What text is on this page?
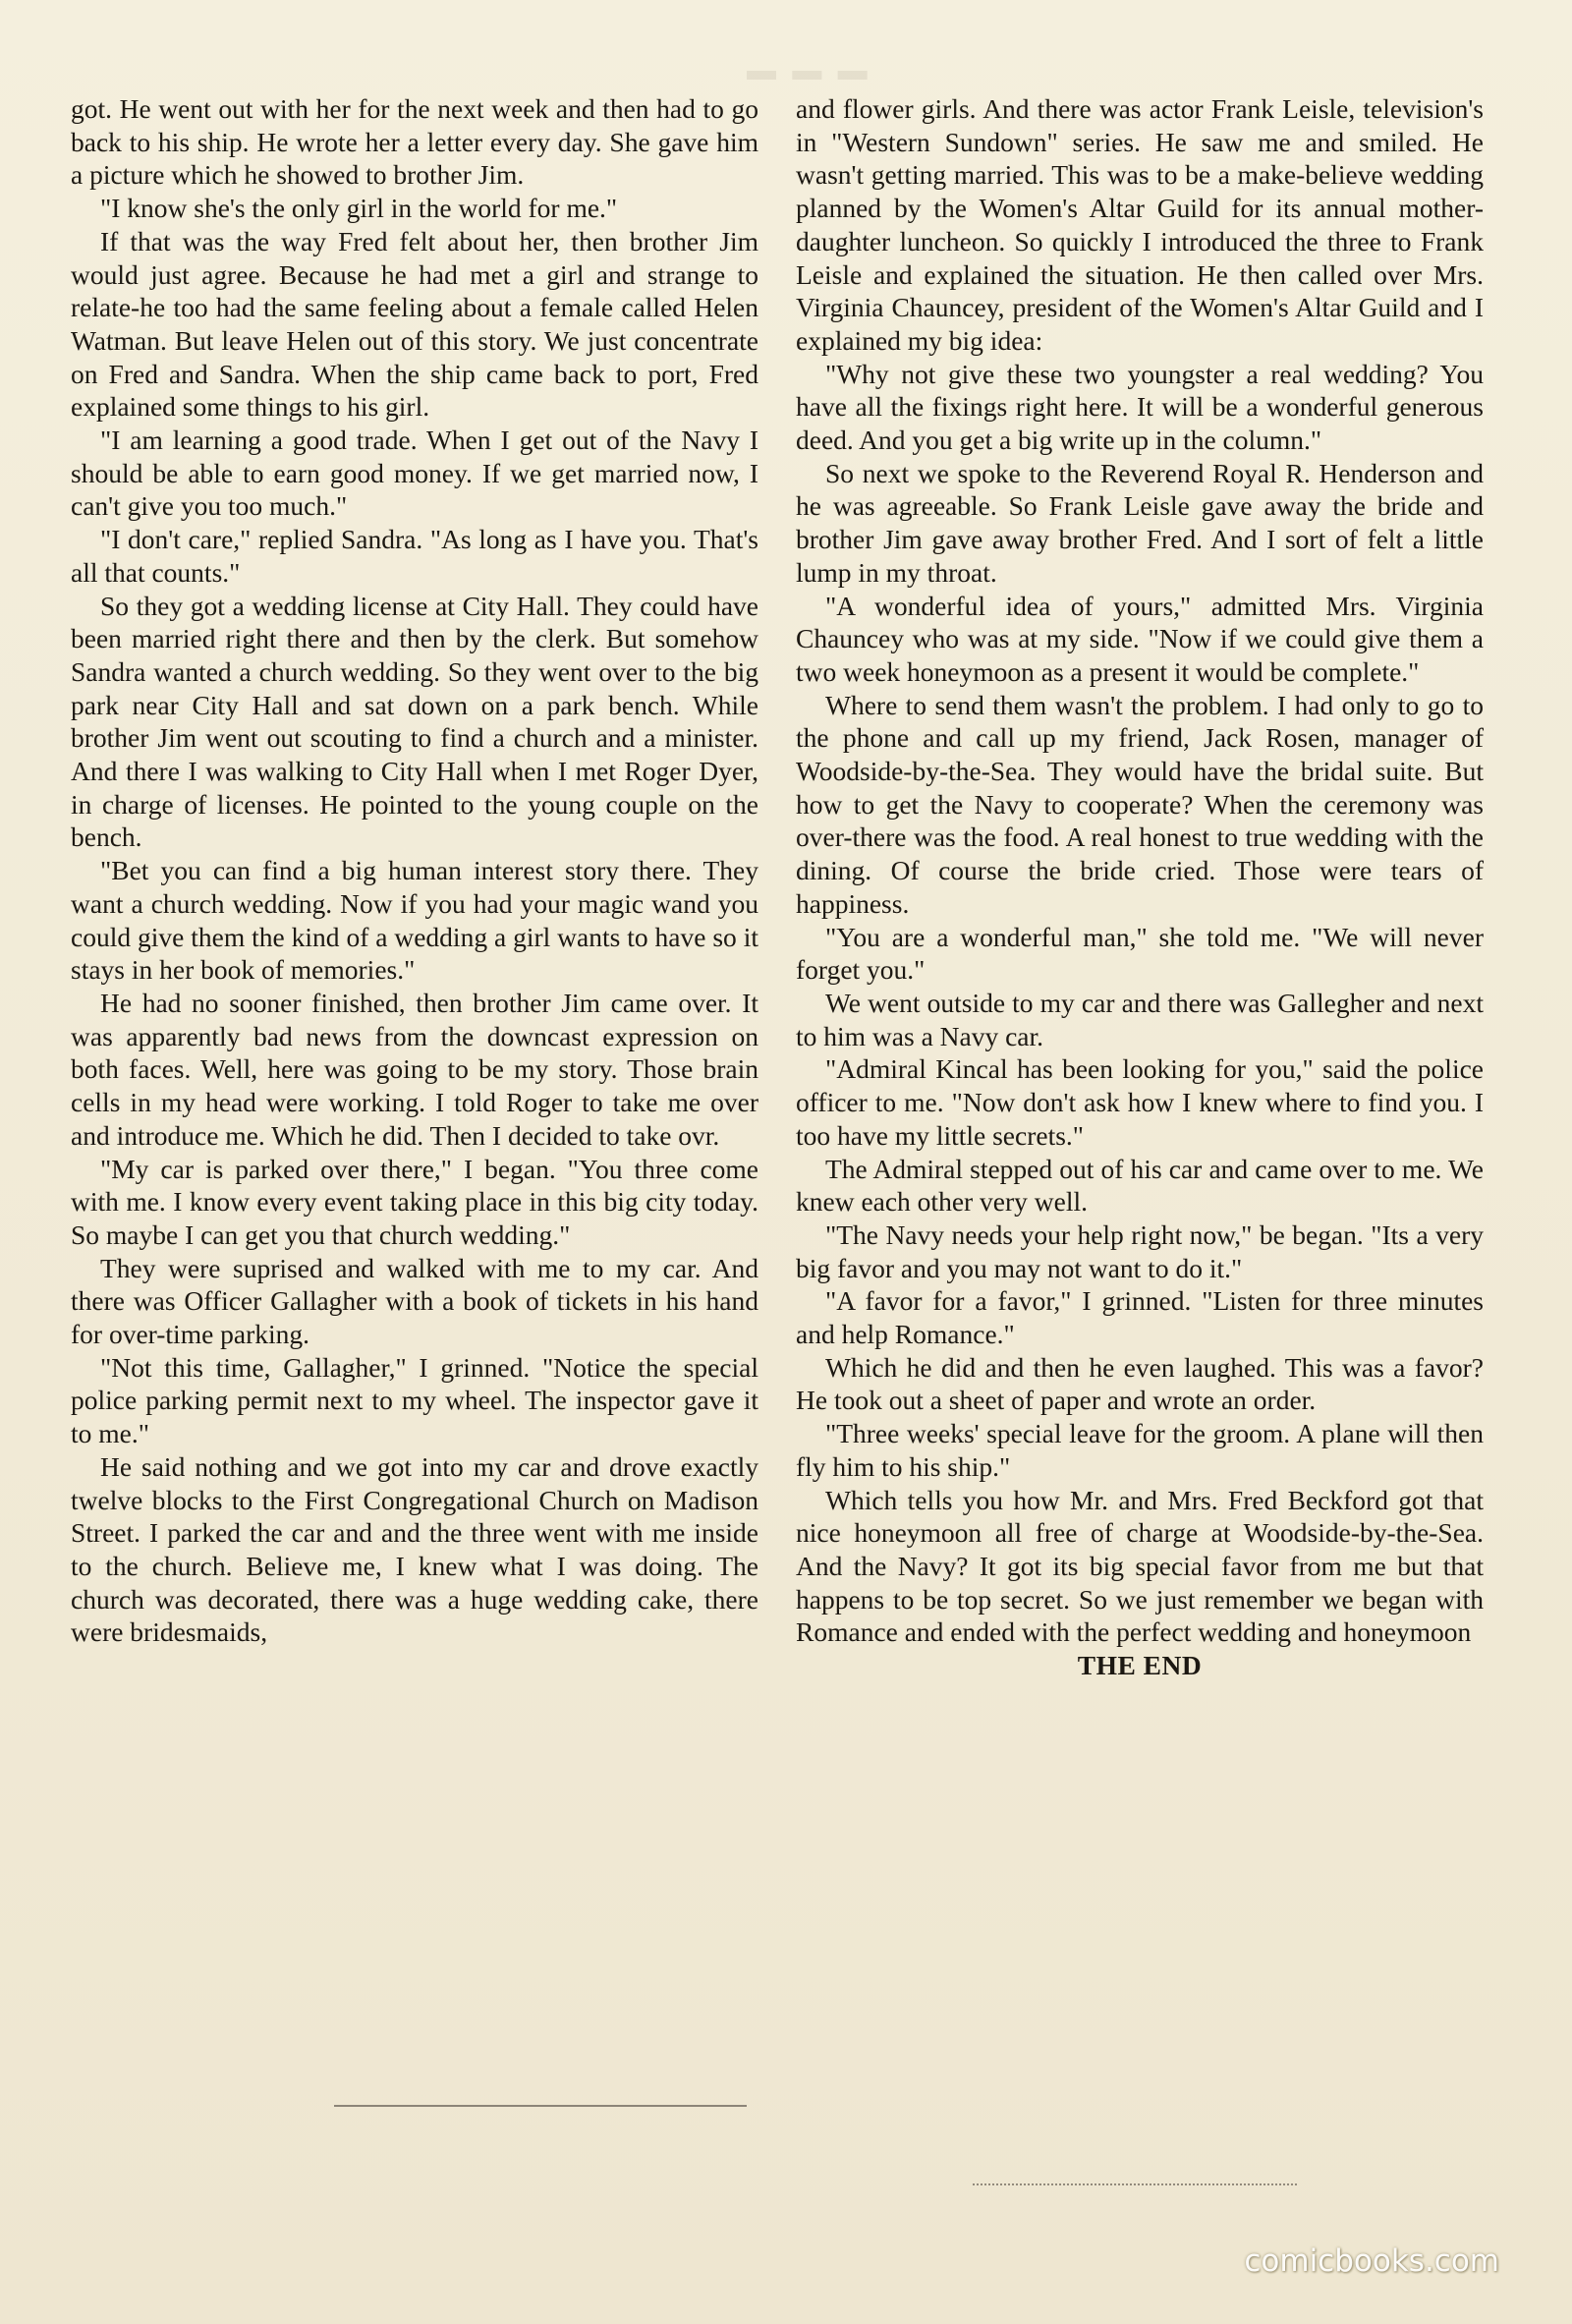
▬ ▬ ▬

got. He went out with her for the next week and then had to go back to his ship. He wrote her a letter every day. She gave him a picture which he showed to brother Jim.

"I know she's the only girl in the world for me."

If that was the way Fred felt about her, then brother Jim would just agree. Because he had met a girl and strange to relate-he too had the same feeling about a female called Helen Watman. But leave Helen out of this story. We just concentrate on Fred and Sandra. When the ship came back to port, Fred explained some things to his girl.

"I am learning a good trade. When I get out of the Navy I should be able to earn good money. If we get married now, I can't give you too much."

"I don't care," replied Sandra. "As long as I have you. That's all that counts."

So they got a wedding license at City Hall. They could have been married right there and then by the clerk. But somehow Sandra wanted a church wedding. So they went over to the big park near City Hall and sat down on a park bench. While brother Jim went out scouting to find a church and a minister. And there I was walking to City Hall when I met Roger Dyer, in charge of licenses. He pointed to the young couple on the bench.

"Bet you can find a big human interest story there. They want a church wedding. Now if you had your magic wand you could give them the kind of a wedding a girl wants to have so it stays in her book of memories."

He had no sooner finished, then brother Jim came over. It was apparently bad news from the downcast expression on both faces. Well, here was going to be my story. Those brain cells in my head were working. I told Roger to take me over and introduce me. Which he did. Then I decided to take ovr.

"My car is parked over there," I began. "You three come with me. I know every event taking place in this big city today. So maybe I can get you that church wedding."

They were suprised and walked with me to my car. And there was Officer Gallagher with a book of tickets in his hand for over-time parking.

"Not this time, Gallagher," I grinned. "Notice the special police parking permit next to my wheel. The inspector gave it to me."

He said nothing and we got into my car and drove exactly twelve blocks to the First Congregational Church on Madison Street. I parked the car and and the three went with me inside to the church. Believe me, I knew what I was doing. The church was decorated, there was a huge wedding cake, there were bridesmaids,

and flower girls. And there was actor Frank Leisle, television's in "Western Sundown" series. He saw me and smiled. He wasn't getting married. This was to be a make-believe wedding planned by the Women's Altar Guild for its annual mother-daughter luncheon. So quickly I introduced the three to Frank Leisle and explained the situation. He then called over Mrs. Virginia Chauncey, president of the Women's Altar Guild and I explained my big idea:

"Why not give these two youngster a real wedding? You have all the fixings right here. It will be a wonderful generous deed. And you get a big write up in the column."

So next we spoke to the Reverend Royal R. Henderson and he was agreeable. So Frank Leisle gave away the bride and brother Jim gave away brother Fred. And I sort of felt a little lump in my throat.

"A wonderful idea of yours," admitted Mrs. Virginia Chauncey who was at my side. "Now if we could give them a two week honeymoon as a present it would be complete."

Where to send them wasn't the problem. I had only to go to the phone and call up my friend, Jack Rosen, manager of Woodside-by-the-Sea. They would have the bridal suite. But how to get the Navy to cooperate? When the ceremony was over-there was the food. A real honest to true wedding with the dining. Of course the bride cried. Those were tears of happiness.

"You are a wonderful man," she told me. "We will never forget you."

We went outside to my car and there was Gallegher and next to him was a Navy car.

"Admiral Kincal has been looking for you," said the police officer to me. "Now don't ask how I knew where to find you. I too have my little secrets."

The Admiral stepped out of his car and came over to me. We knew each other very well.

"The Navy needs your help right now," be began. "Its a very big favor and you may not want to do it."

"A favor for a favor," I grinned. "Listen for three minutes and help Romance."

Which he did and then he even laughed. This was a favor? He took out a sheet of paper and wrote an order.

"Three weeks' special leave for the groom. A plane will then fly him to his ship."

Which tells you how Mr. and Mrs. Fred Beckford got that nice honeymoon all free of charge at Woodside-by-the-Sea. And the Navy? It got its big special favor from me but that happens to be top secret. So we just remember we began with Romance and ended with the perfect wedding and honeymoon

THE END

comicbooks.com
